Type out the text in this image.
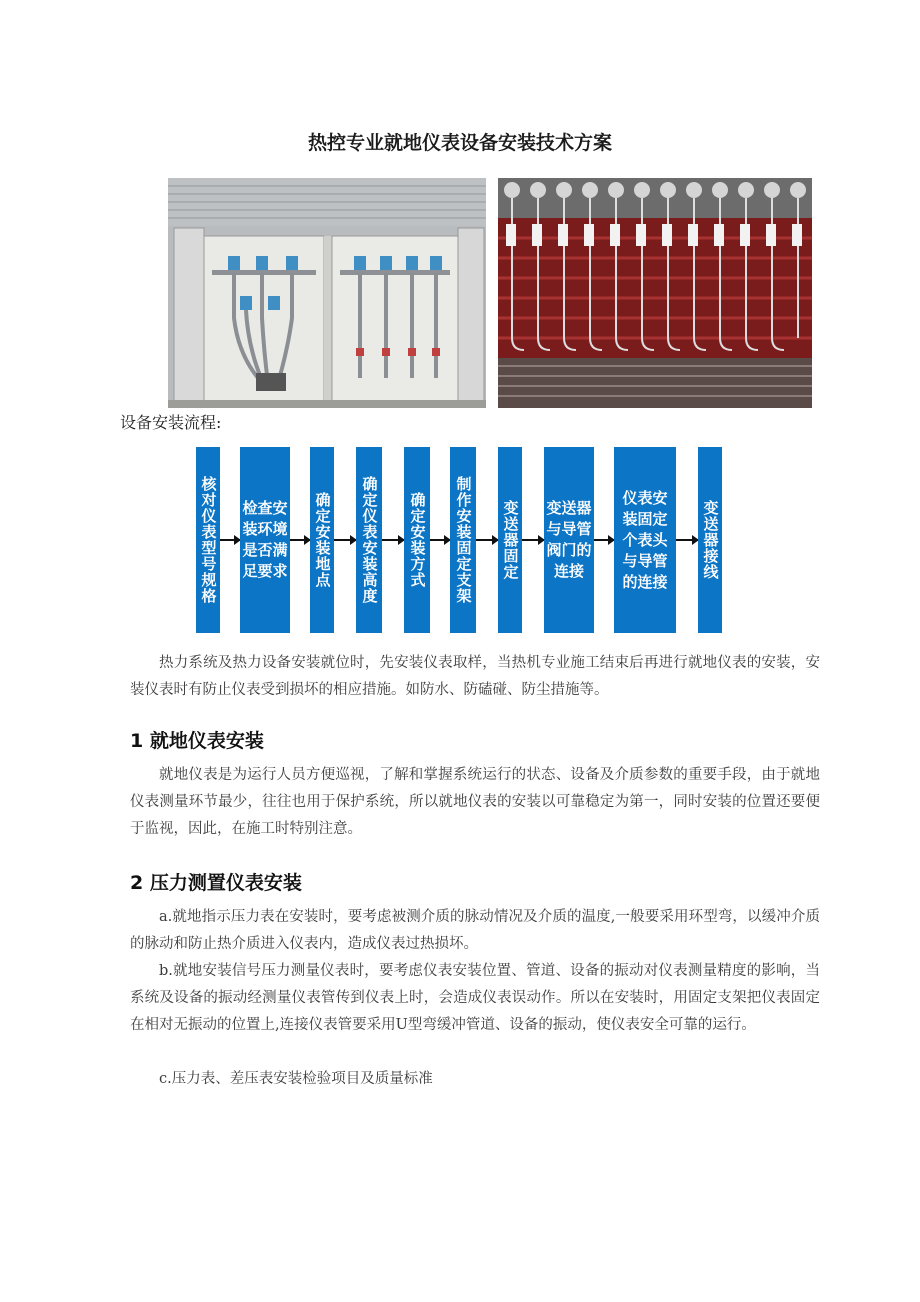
热控专业就地仪表设备安装技术方案
设备安装流程:
核对仪表型号规格 检查安装环境是否满足要求 确定安装地点 确定仪表安装高度 确定安装方式 制作安装固定支架 变送器固定 变送器与导管阀门的连接
仪表安装固定个表头与导管的连接
变送器接线

热力系统及热力设备安装就位时，先安装仪表取样，当热机专业施工结束后再进行就地仪表的安装，安装仪表时有防止仪表受到损坏的相应措施。如防水、防磕碰、防尘措施等。

1 就地仪表安装

就地仪表是为运行人员方便巡视，了解和掌握系统运行的状态、设备及介质参数的重要手段，由于就地仪表测量环节最少，往往也用于保护系统，所以就地仪表的安装以可靠稳定为第一，同时安装的位置还要便于监视，因此，在施工时特别注意。

2 压力测置仪表安装

a.就地指示压力表在安装时，要考虑被测介质的脉动情况及介质的温度,一般要采用环型弯，以缓冲介质的脉动和防止热介质进入仪表内，造成仪表过热损坏。

b.就地安装信号压力测量仪表时，要考虑仪表安装位置、管道、设备的振动对仪表测量精度的影响，当系统及设备的振动经测量仪表管传到仪表上时，会造成仪表误动作。所以在安装时，用固定支架把仪表固定在相对无振动的位置上,连接仪表管要采用U型弯缓冲管道、设备的振动，使仪表安全可靠的运行。

c.压力表、差压表安装检验项目及质量标准
